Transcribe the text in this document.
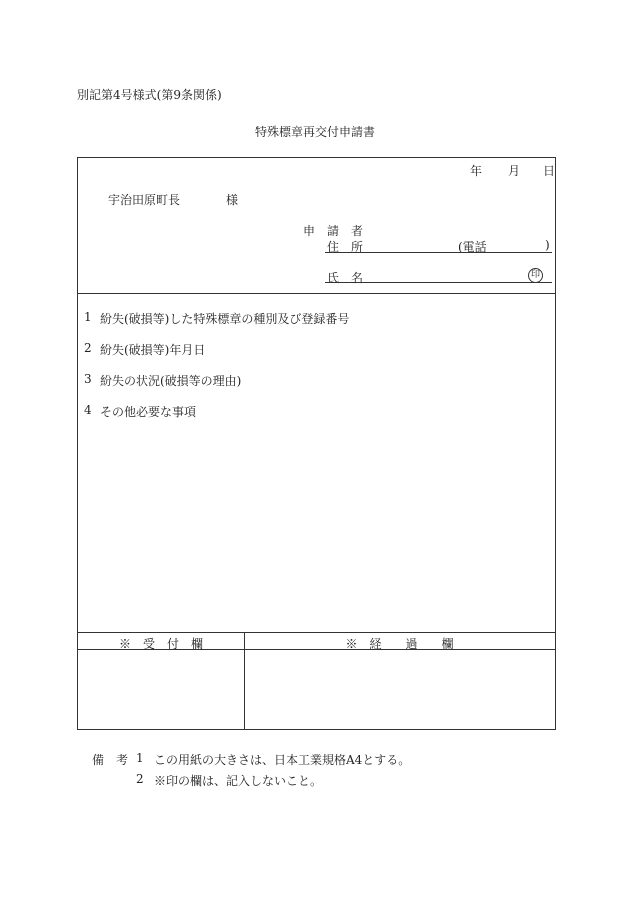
別記第4号様式(第9条関係)
特殊標章再交付申請書
年 月 日
宇治田原町長	様
申　請　者
住　所	(電話	)
氏　名	印
1 紛失(破損等)した特殊標章の種別及び登録番号
2 紛失(破損等)年月日
3 紛失の状況(破損等の理由)
4 その他必要な事項
※　受　付　欄	※　経　　過　　欄
備　考 1 この用紙の大きさは、日本工業規格A4とする。
2 ※印の欄は、記入しないこと。
